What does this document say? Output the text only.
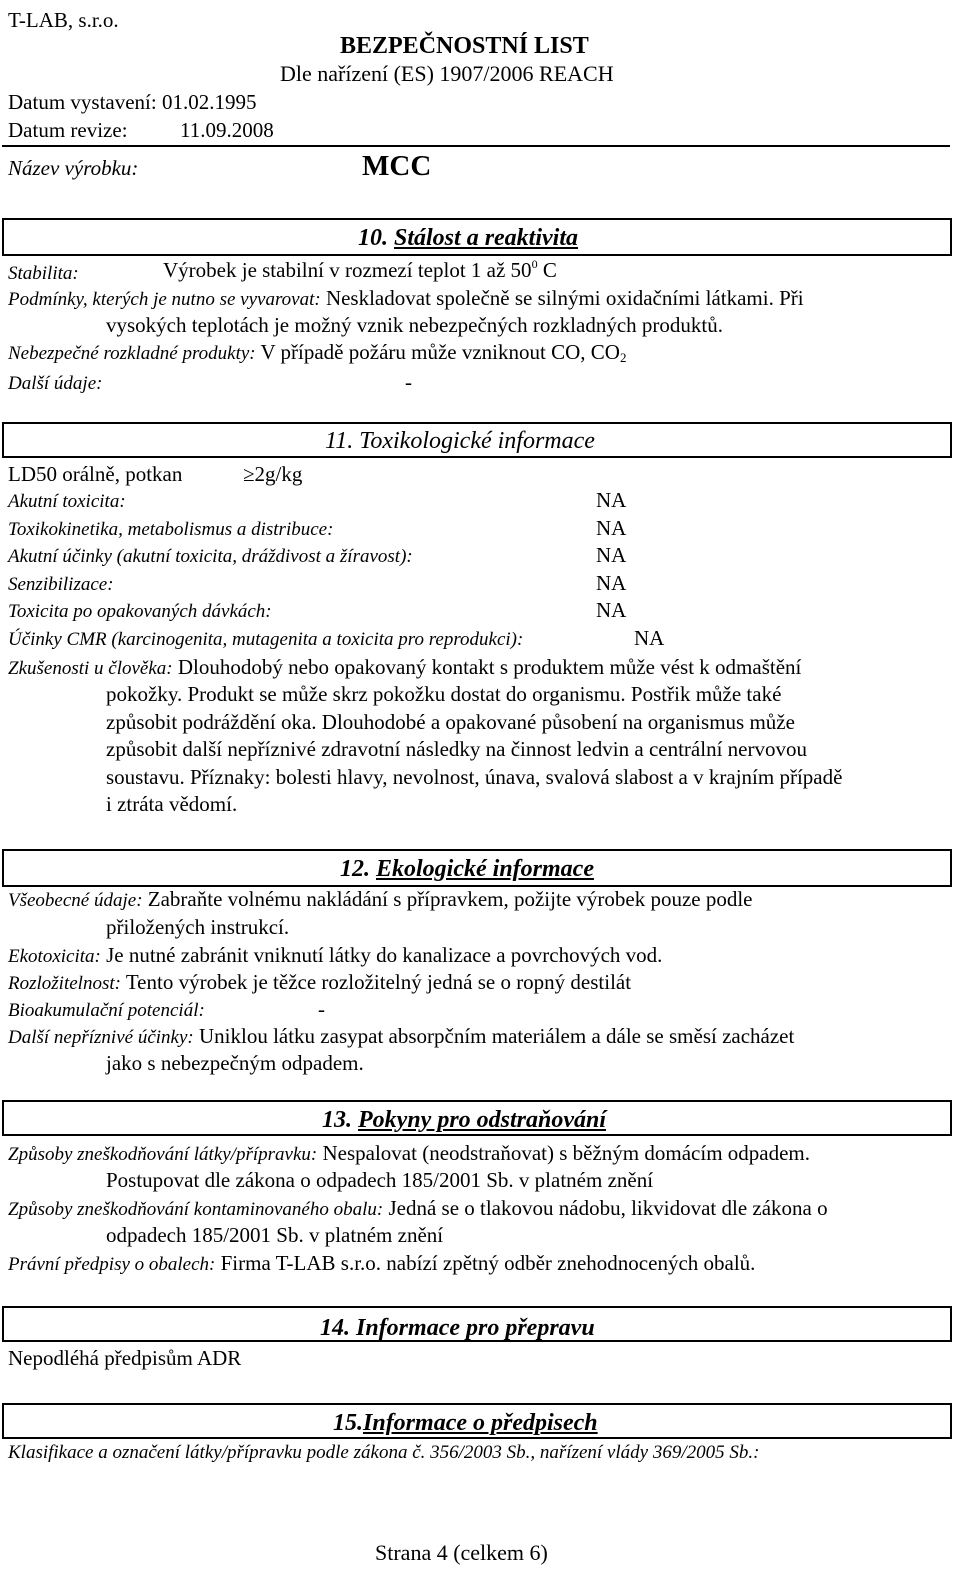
T-LAB, s.r.o.
BEZPEČNOSTNÍ LIST
Dle nařízení (ES) 1907/2006 REACH
Datum vystavení: 01.02.1995
Datum revize: 11.09.2008
Název výrobku:	MCC
10. Stálost a reaktivita
Stabilita:	Výrobek je stabilní v rozmezí teplot 1 až $50^0$ C
Podmínky, kterých je nutno se vyvarovat: Neskladovat společně se silnými oxidačními látkami. Při
vysokých teplotách je možný vznik nebezpečných rozkladných produktů.
Nebezpečné rozkladné produkty: V případě požáru může vzniknout CO, $CO_2$
Další údaje:	-
11. Toxikologické informace
LD50 orálně, potkan	≥2g/kg
Akutní toxicita:	NA
Toxikokinetika, metabolismus a distribuce:	NA
Akutní účinky (akutní toxicita, dráždivost a žíravost):	NA
Senzibilizace:	NA
Toxicita po opakovaných dávkách:	NA
Účinky CMR (karcinogenita, mutagenita a toxicita pro reprodukci):	NA
Zkušenosti u člověka: Dlouhodobý nebo opakovaný kontakt s produktem může vést k odmaštění
pokožky. Produkt se může skrz pokožku dostat do organismu. Postřik může také
způsobit podráždění oka. Dlouhodobé a opakované působení na organismus může
způsobit další nepříznivé zdravotní následky na činnost ledvin a centrální nervovou
soustavu. Příznaky: bolesti hlavy, nevolnost, únava, svalová slabost a v krajním případě
i ztráta vědomí.
12. Ekologické informace
Všeobecné údaje: Zabraňte volnému nakládání s přípravkem, požijte výrobek pouze podle
přiložených instrukcí.
Ekotoxicita: Je nutné zabránit vniknutí látky do kanalizace a povrchových vod.
Rozložitelnost: Tento výrobek je těžce rozložitelný jedná se o ropný destilát
Bioakumulační potenciál:	-
Další nepříznivé účinky: Uniklou látku zasypat absorpčním materiálem a dále se směsí zacházet
jako s nebezpečným odpadem.
13. Pokyny pro odstraňování
Způsoby zneškodňování látky/přípravku: Nespalovat (neodstraňovat) s běžným domácím odpadem.
Postupovat dle zákona o odpadech 185/2001 Sb. v platném znění
Způsoby zneškodňování kontaminovaného obalu: Jedná se o tlakovou nádobu, likvidovat dle zákona o
odpadech 185/2001 Sb. v platném znění
Právní předpisy o obalech: Firma T-LAB s.r.o. nabízí zpětný odběr znehodnocených obalů.
14. Informace pro přepravu
Nepodléhá předpisům ADR
15.Informace o předpisech
Klasifikace a označení látky/přípravku podle zákona č. 356/2003 Sb., nařízení vlády 369/2005 Sb.:
Strana 4 (celkem 6)
